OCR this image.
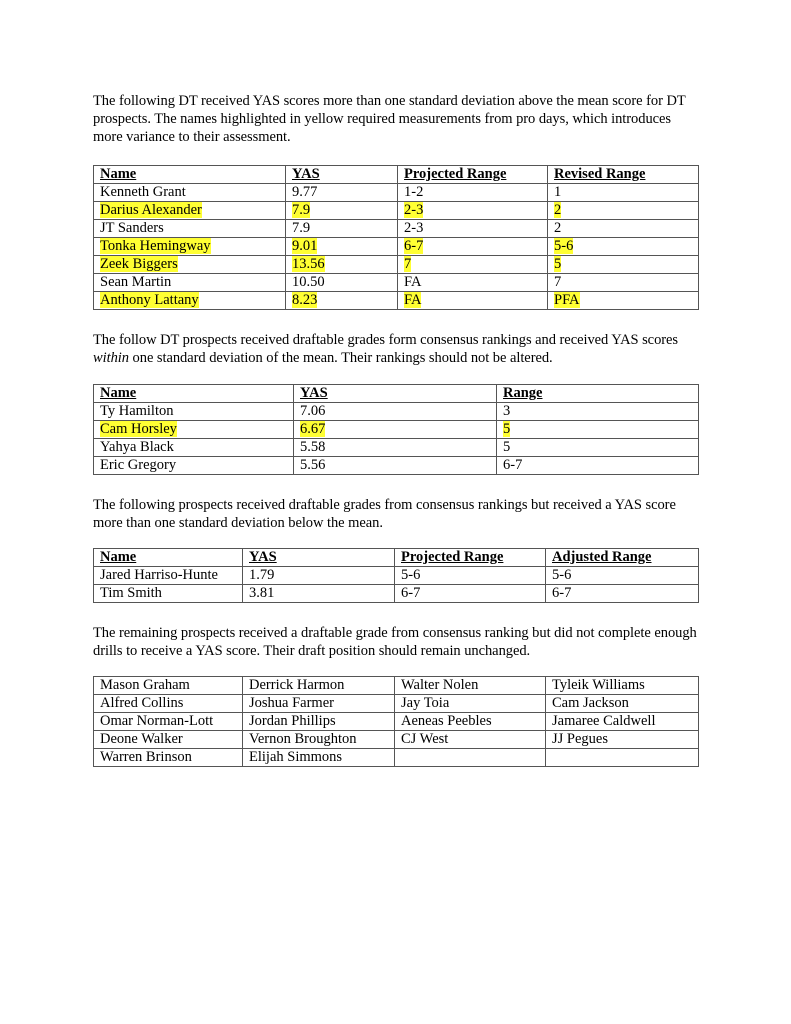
The following DT received YAS scores more than one standard deviation above the mean score for DT prospects. The names highlighted in yellow required measurements from pro days, which introduces more variance to their assessment.

Name	YAS	Projected Range	Revised Range
Kenneth Grant	9.77	1-2	1
Darius Alexander	7.9	2-3	2
JT Sanders	7.9	2-3	2
Tonka Hemingway	9.01	6-7	5-6
Zeek Biggers	13.56	7	5
Sean Martin	10.50	FA	7
Anthony Lattany	8.23	FA	PFA

The follow DT prospects received draftable grades form consensus rankings and received YAS scores within one standard deviation of the mean. Their rankings should not be altered.

Name	YAS	Range
Ty Hamilton	7.06	3
Cam Horsley	6.67	5
Yahya Black	5.58	5
Eric Gregory	5.56	6-7

The following prospects received draftable grades from consensus rankings but received a YAS score more than one standard deviation below the mean.

Name	YAS	Projected Range	Adjusted Range
Jared Harriso-Hunte	1.79	5-6	5-6
Tim Smith	3.81	6-7	6-7

The remaining prospects received a draftable grade from consensus ranking but did not complete enough drills to receive a YAS score. Their draft position should remain unchanged.

Mason Graham	Derrick Harmon	Walter Nolen	Tyleik Williams
Alfred Collins	Joshua Farmer	Jay Toia	Cam Jackson
Omar Norman-Lott	Jordan Phillips	Aeneas Peebles	Jamaree Caldwell
Deone Walker	Vernon Broughton	CJ West	JJ Pegues
Warren Brinson	Elijah Simmons		
